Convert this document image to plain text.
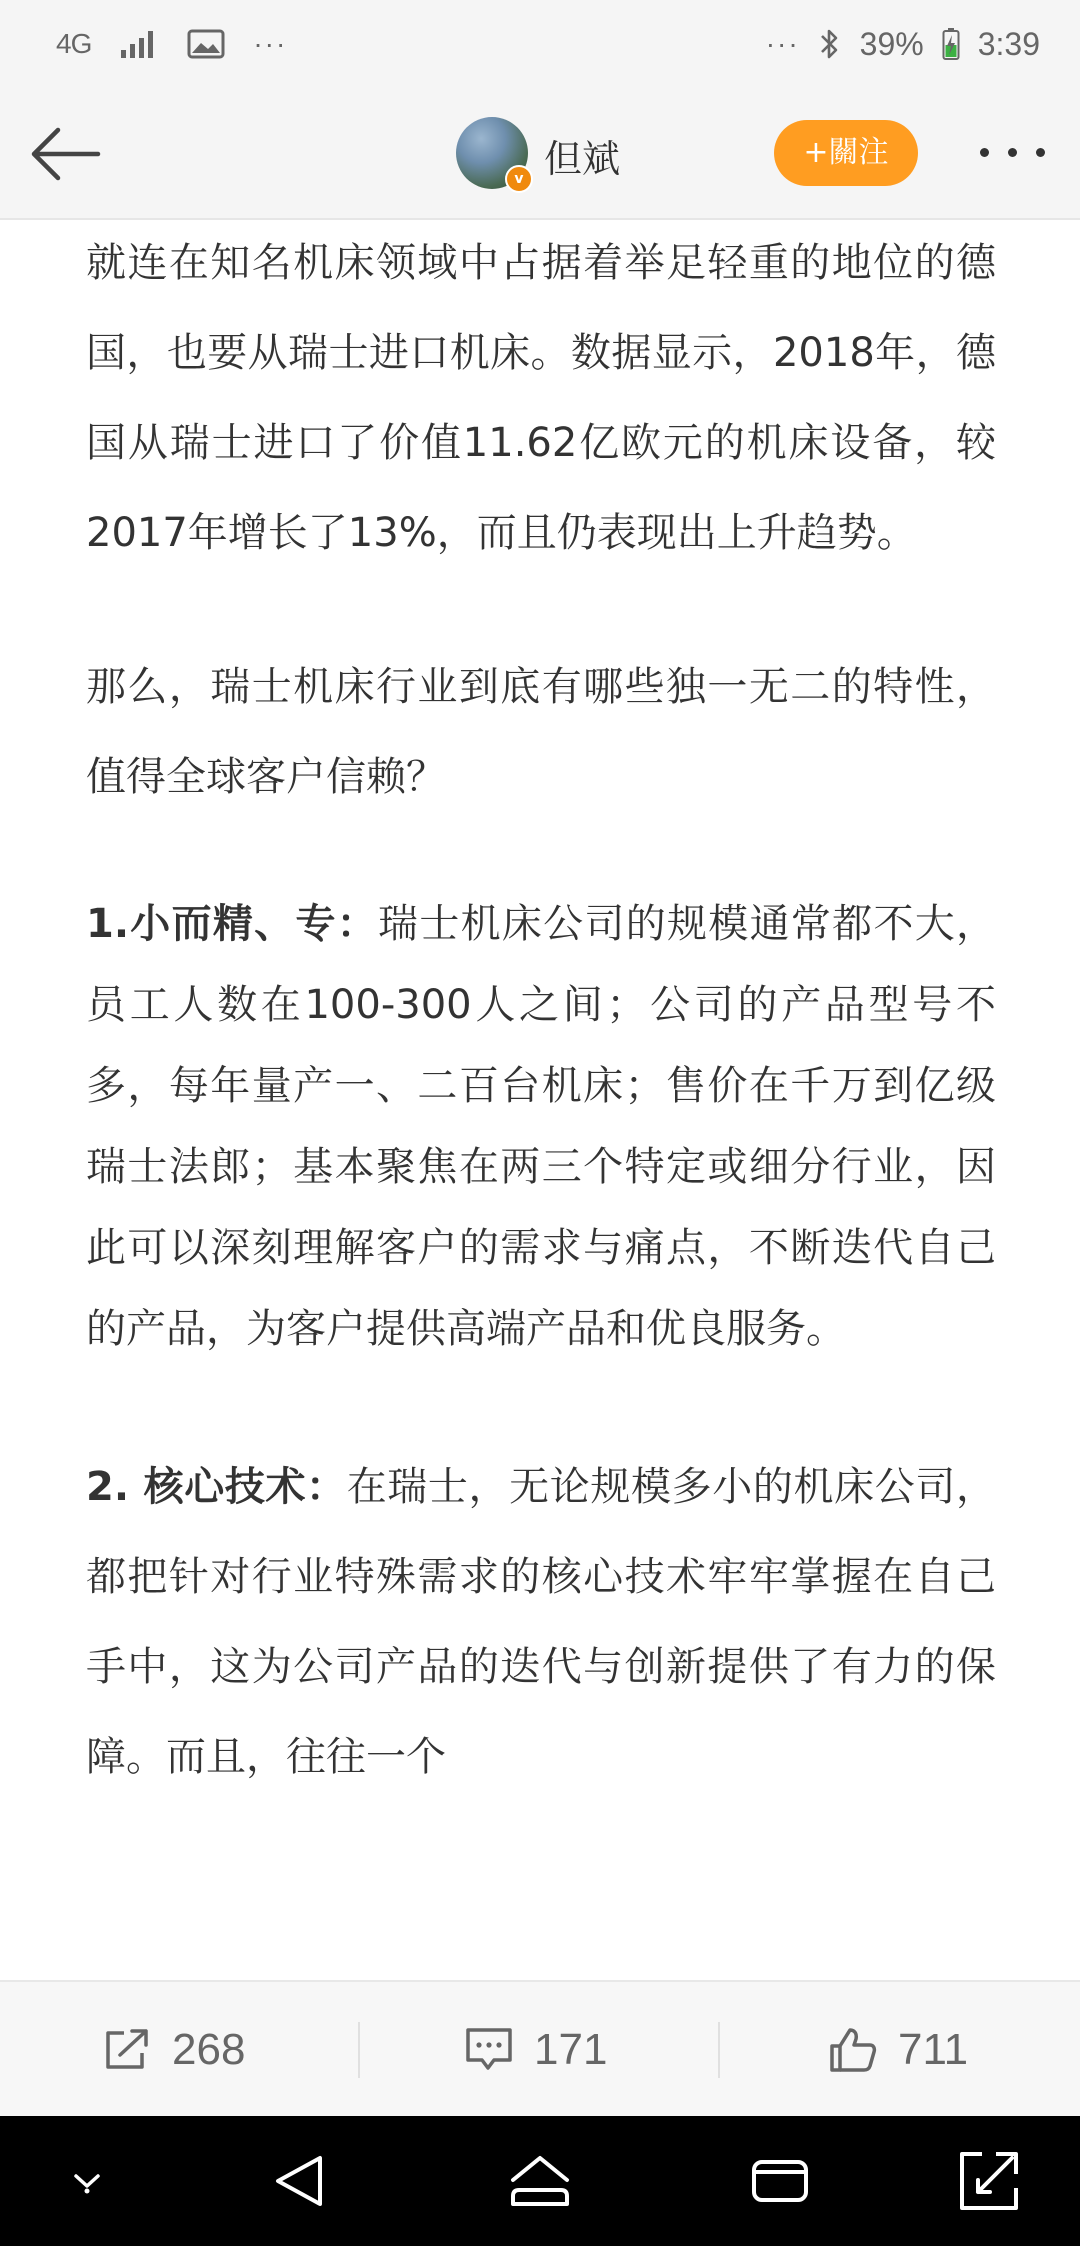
4G	···	··· 39% 3:39
v 但斌	+關注

就连在知名机床领域中占据着举足轻重的地位的德国，也要从瑞士进口机床。数据显示，2018年，德国从瑞士进口了价值11.62亿欧元的机床设备，较2017年增长了13%，而且仍表现出上升趋势。

那么，瑞士机床行业到底有哪些独一无二的特性，值得全球客户信赖？

1.小而精、专：瑞士机床公司的规模通常都不大，员工人数在100-300人之间；公司的产品型号不多，每年量产一、二百台机床；售价在千万到亿级瑞士法郎；基本聚焦在两三个特定或细分行业，因此可以深刻理解客户的需求与痛点，不断迭代自己的产品，为客户提供高端产品和优良服务。

2. 核心技术：在瑞士，无论规模多小的机床公司，都把针对行业特殊需求的核心技术牢牢掌握在自己手中，这为公司产品的迭代与创新提供了有力的保障。而且，往往一个

268	171	711
